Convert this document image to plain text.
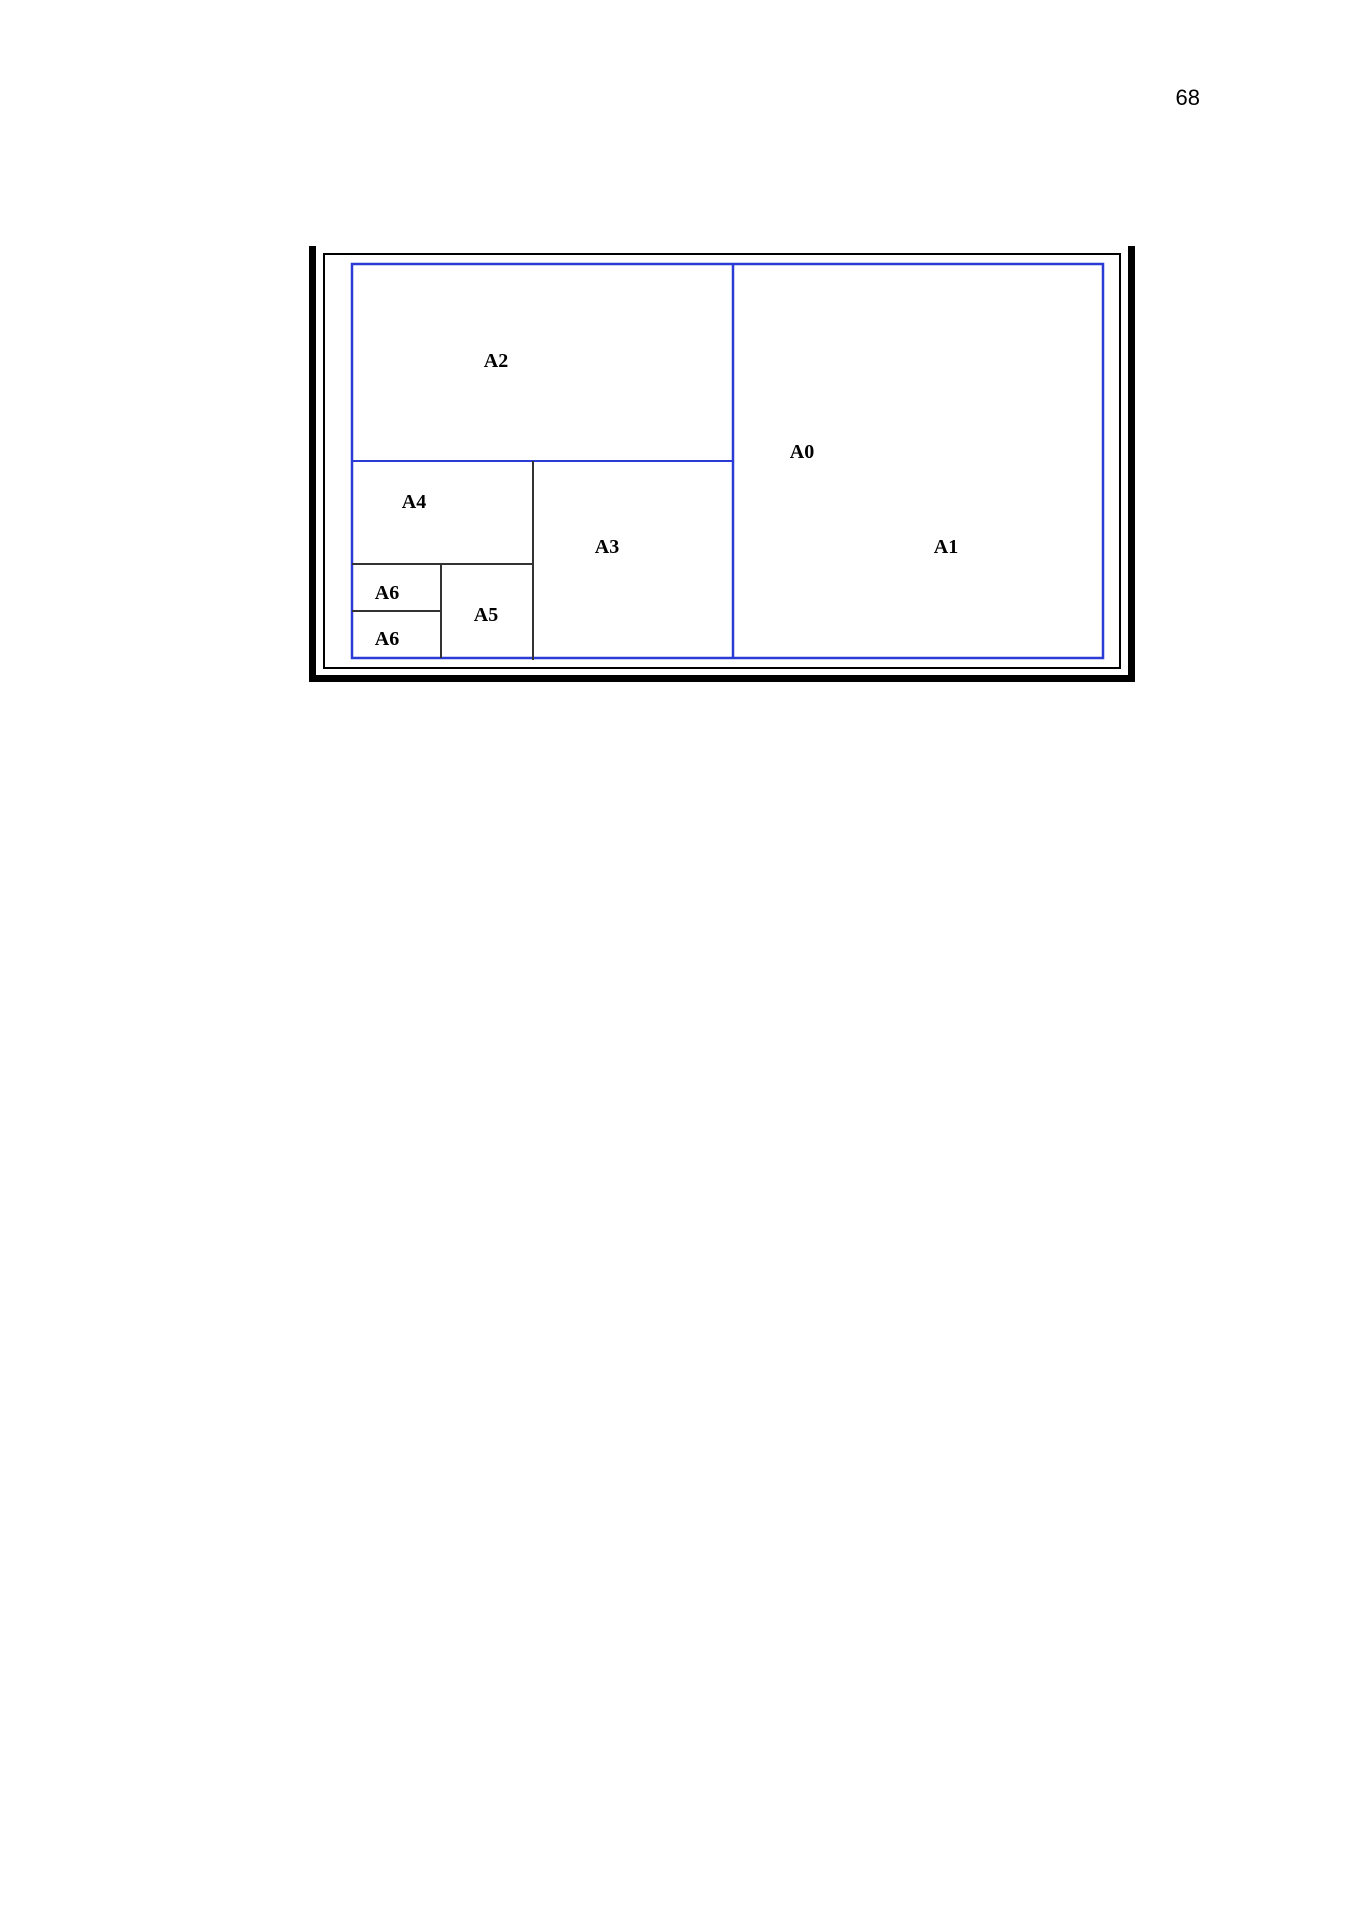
68
A2
A0
A4
A3	A1
A6
A5
A6
